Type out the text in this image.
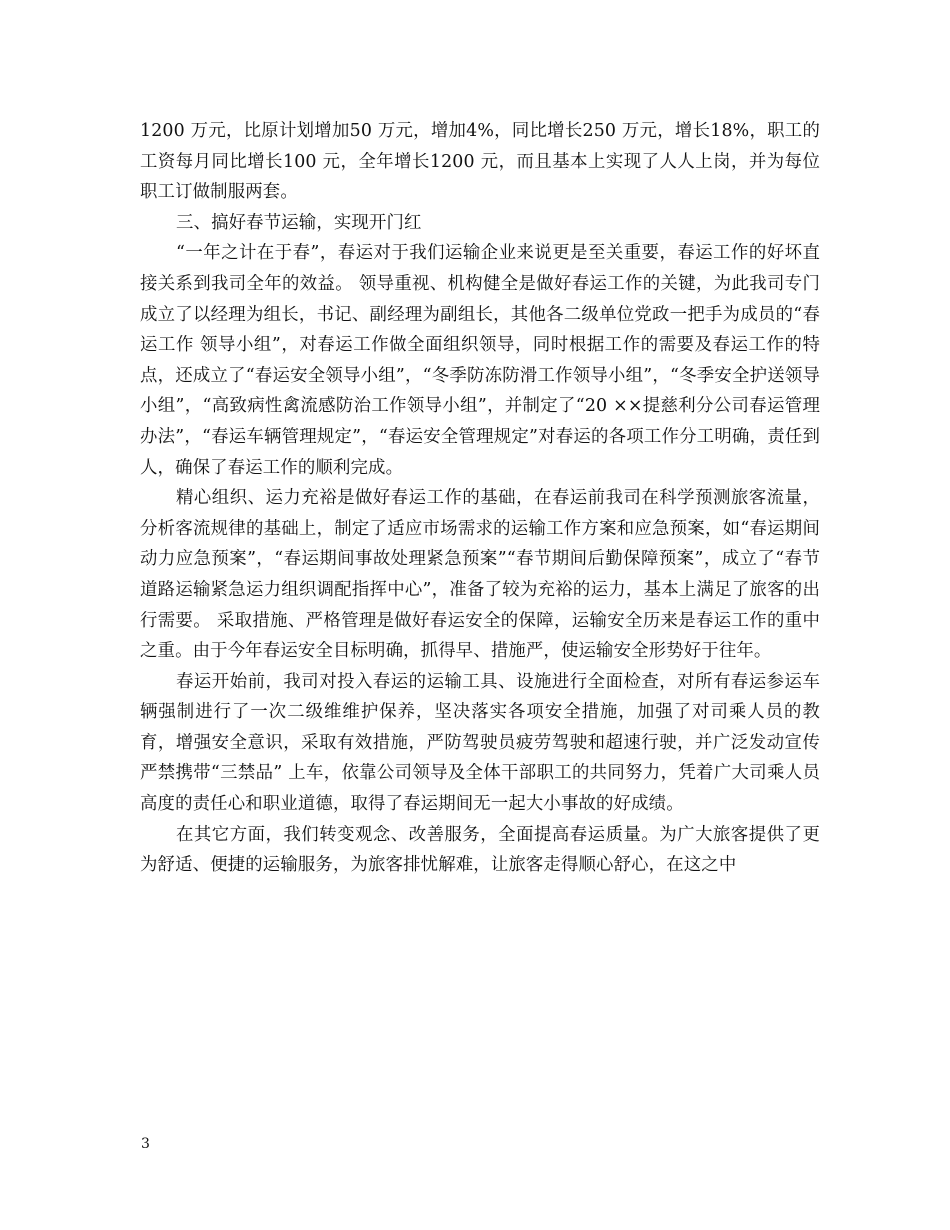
1200 万元，比原计划增加50 万元，增加4%，同比增长250 万元，增长18%，职工的工资每月同比增长100 元，全年增长1200 元，而且基本上实现了人人上岗，并为每位职工订做制服两套。

三、搞好春节运输，实现开门红

“一年之计在于春”，春运对于我们运输企业来说更是至关重要，春运工作的好坏直接关系到我司全年的效益。 领导重视、机构健全是做好春运工作的关键，为此我司专门成立了以经理为组长，书记、副经理为副组长，其他各二级单位党政一把手为成员的“春运工作 领导小组”，对春运工作做全面组织领导，同时根据工作的需要及春运工作的特点，还成立了“春运安全领导小组”，“冬季防冻防滑工作领导小组”，“冬季安全护送领导小组”，“高致病性禽流感防治工作领导小组”，并制定了“20 ××提慈利分公司春运管理办法”，“春运车辆管理规定”，“春运安全管理规定”对春运的各项工作分工明确，责任到人，确保了春运工作的顺利完成。

精心组织、运力充裕是做好春运工作的基础，在春运前我司在科学预测旅客流量，分析客流规律的基础上，制定了适应市场需求的运输工作方案和应急预案，如“春运期间动力应急预案”，“春运期间事故处理紧急预案”“春节期间后勤保障预案”，成立了“春节道路运输紧急运力组织调配指挥中心”，准备了较为充裕的运力，基本上满足了旅客的出行需要。 采取措施、严格管理是做好春运安全的保障，运输安全历来是春运工作的重中之重。由于今年春运安全目标明确，抓得早、措施严，使运输安全形势好于往年。

春运开始前，我司对投入春运的运输工具、设施进行全面检查，对所有春运参运车辆强制进行了一次二级维维护保养，坚决落实各项安全措施，加强了对司乘人员的教育，增强安全意识，采取有效措施，严防驾驶员疲劳驾驶和超速行驶，并广泛发动宣传严禁携带“三禁品” 上车，依靠公司领导及全体干部职工的共同努力，凭着广大司乘人员高度的责任心和职业道德，取得了春运期间无一起大小事故的好成绩。

在其它方面，我们转变观念、改善服务，全面提高春运质量。为广大旅客提供了更为舒适、便捷的运输服务，为旅客排忧解难，让旅客走得顺心舒心，在这之中

3
